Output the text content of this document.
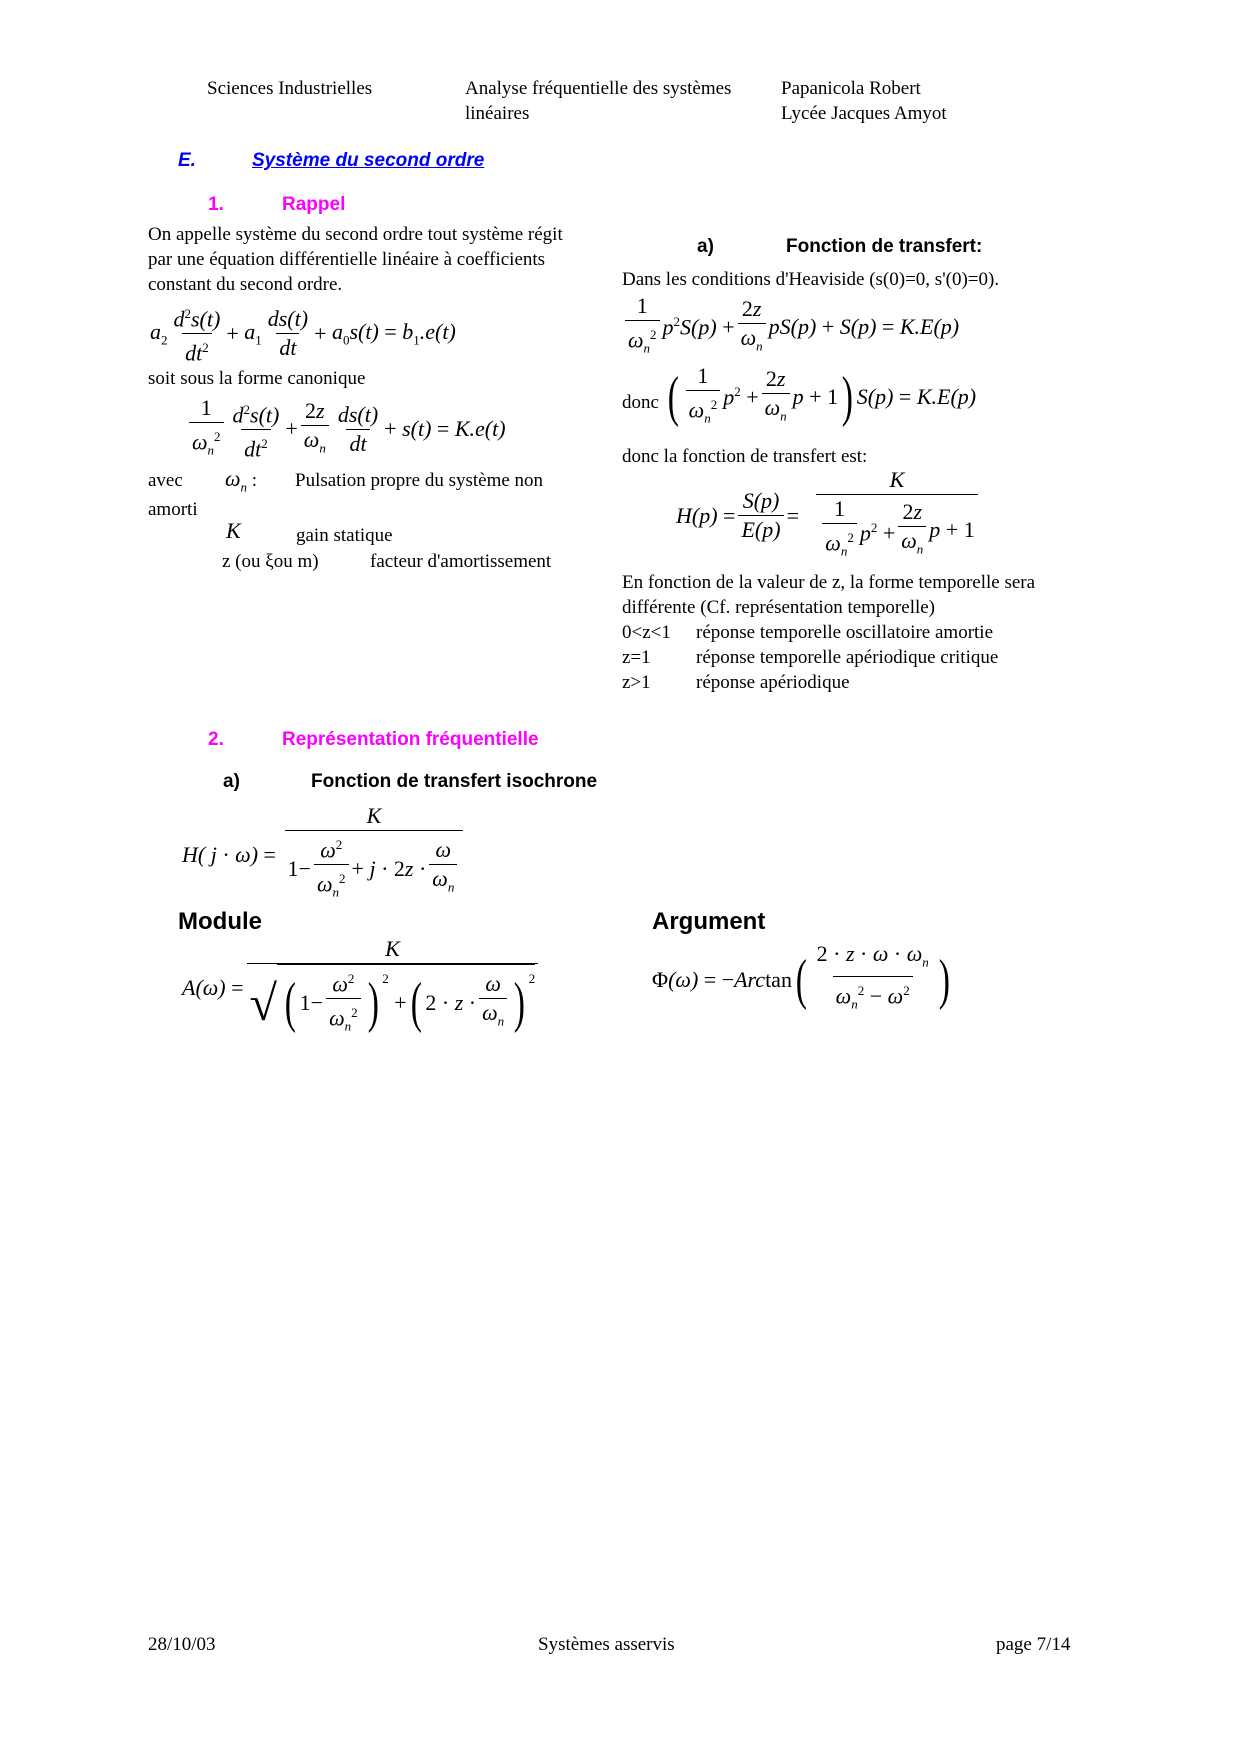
Sciences Industrielles	Analyse fréquentielle des systèmes
linéaires
Papanicola Robert
Lycée Jacques Amyot
E.	Système du second ordre
1.	Rappel
On appelle système du second ordre tout système régit
par une équation différentielle linéaire à coefficients
constant du second ordre.
$a_2 \frac{d^2s(t)}{dt^2}$ +
$a_1 \frac{ds(t)}{dt}$ +
$a_0s(t) = b_1.e(t)$
soit sous la forme canonique
$\frac{1}{\omega_n^2} \frac{d^2s(t)}{dt^2} + \frac{2z}{\omega_n} \frac{ds(t)}{dt}$ +
s(t) = K.e(t)
avec $\omega_n$ : Pulsation propre du système non
amorti
K	gain statique
z (ou ξou m)	facteur d'amortissement
a)	Fonction de transfert:
Dans les conditions d'Heaviside (s(0)=0, s'(0)=0).
$\frac{1}{\omega_n^2} p^2S(p) + \frac{2z}{\omega_n} pS(p) + S(p) = K.E(p)$
donc ( $\frac{1}{\omega_n^2} p^2 + \frac{2z}{\omega_n}$ p + 1 ) S(p) = K.E(p)
donc la fonction de transfert est:
$H(p) = \frac{S(p)}{E(p)} = \frac{K}{\frac{1}{\omega_n^2} p^2 + \frac{2z}{\omega_n} p + 1}$
En fonction de la valeur de z, la forme temporelle sera
différente (Cf. représentation temporelle)
0<z<1	réponse temporelle oscillatoire amortie
z=1	réponse temporelle apériodique critique
z>1	réponse apériodique
2.	Représentation fréquentielle
a)	Fonction de transfert isochrone
H( $j \cdot \omega) = \frac{K}{1- \frac{\omega^2}{\omega_n^2} + j \cdot 2z \cdot \frac{\omega}{\omega_n}}$
Module	Argument
A(ω) =
K
√ ( $1- \frac{\omega^2}{\omega_n^2}$ ) $^2$
+ ( $2 \cdot z \cdot \frac{\omega}{\omega_n}$ ) $^2$	Φ(ω) = −Arctan ( $\frac{2 \cdot z \cdot \omega \cdot \omega_n}{\omega_n^2 - \omega^2}$ )
28/10/03	Systèmes asservis	page 7/14
